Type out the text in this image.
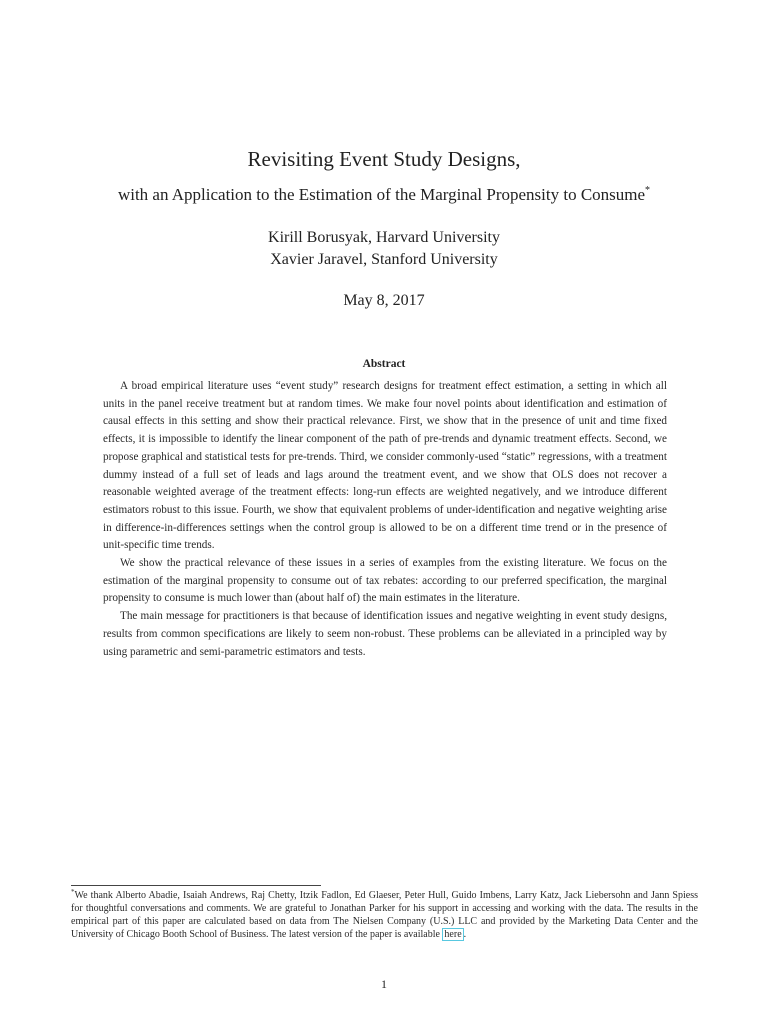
Revisiting Event Study Designs,
with an Application to the Estimation of the Marginal Propensity to Consume*
Kirill Borusyak, Harvard University
Xavier Jaravel, Stanford University
May 8, 2017
Abstract

A broad empirical literature uses “event study” research designs for treatment effect estimation, a setting in which all units in the panel receive treatment but at random times. We make four novel points about identification and estimation of causal effects in this setting and show their practical relevance. First, we show that in the presence of unit and time fixed effects, it is impossible to identify the linear component of the path of pre-trends and dynamic treatment effects. Second, we propose graphical and statistical tests for pre-trends. Third, we consider commonly-used “static” regressions, with a treatment dummy instead of a full set of leads and lags around the treatment event, and we show that OLS does not recover a reasonable weighted average of the treatment effects: long-run effects are weighted negatively, and we introduce different estimators robust to this issue. Fourth, we show that equivalent problems of under-identification and negative weighting arise in difference-in-differences settings when the control group is allowed to be on a different time trend or in the presence of unit-specific time trends.

We show the practical relevance of these issues in a series of examples from the existing literature. We focus on the estimation of the marginal propensity to consume out of tax rebates: according to our preferred specification, the marginal propensity to consume is much lower than (about half of) the main estimates in the literature.

The main message for practitioners is that because of identification issues and negative weighting in event study designs, results from common specifications are likely to seem non-robust. These problems can be alleviated in a principled way by using parametric and semi-parametric estimators and tests.

*We thank Alberto Abadie, Isaiah Andrews, Raj Chetty, Itzik Fadlon, Ed Glaeser, Peter Hull, Guido Imbens, Larry Katz, Jack Liebersohn and Jann Spiess for thoughtful conversations and comments. We are grateful to Jonathan Parker for his support in accessing and working with the data. The results in the empirical part of this paper are calculated based on data from The Nielsen Company (U.S.) LLC and provided by the Marketing Data Center and the University of Chicago Booth School of Business. The latest version of the paper is available here .
1
